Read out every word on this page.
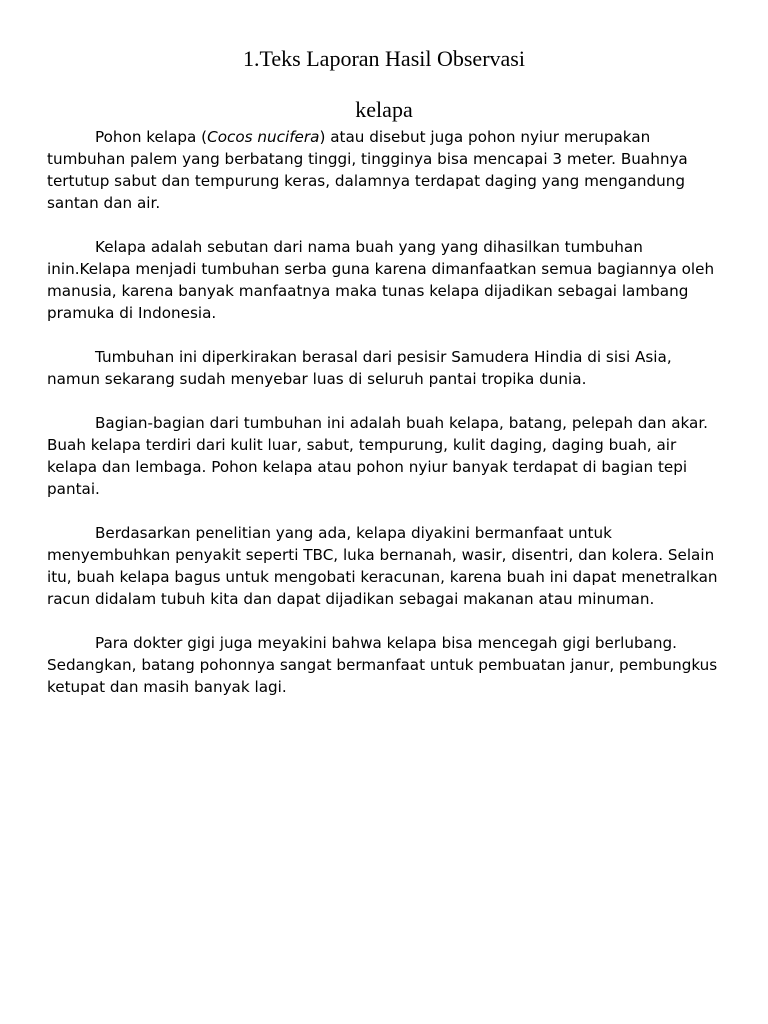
1.Teks Laporan Hasil Observasi
kelapa

Pohon kelapa (Cocos nucifera) atau disebut juga pohon nyiur merupakan tumbuhan palem yang berbatang tinggi, tingginya bisa mencapai 3 meter. Buahnya tertutup sabut dan tempurung keras, dalamnya terdapat daging yang mengandung santan dan air.

Kelapa adalah sebutan dari nama buah yang yang dihasilkan tumbuhan inin.Kelapa menjadi tumbuhan serba guna karena dimanfaatkan semua bagiannya oleh manusia, karena banyak manfaatnya maka tunas kelapa dijadikan sebagai lambang pramuka di Indonesia.

Tumbuhan ini diperkirakan berasal dari pesisir Samudera Hindia di sisi Asia, namun sekarang sudah menyebar luas di seluruh pantai tropika dunia.

Bagian-bagian dari tumbuhan ini adalah buah kelapa, batang, pelepah dan akar. Buah kelapa terdiri dari kulit luar, sabut, tempurung, kulit daging, daging buah, air kelapa dan lembaga. Pohon kelapa atau pohon nyiur banyak terdapat di bagian tepi pantai.

Berdasarkan penelitian yang ada, kelapa diyakini bermanfaat untuk menyembuhkan penyakit seperti TBC, luka bernanah, wasir, disentri, dan kolera. Selain itu, buah kelapa bagus untuk mengobati keracunan, karena buah ini dapat menetralkan racun didalam tubuh kita dan dapat dijadikan sebagai makanan atau minuman.

Para dokter gigi juga meyakini bahwa kelapa bisa mencegah gigi berlubang. Sedangkan, batang pohonnya sangat bermanfaat untuk pembuatan janur, pembungkus ketupat dan masih banyak lagi.
